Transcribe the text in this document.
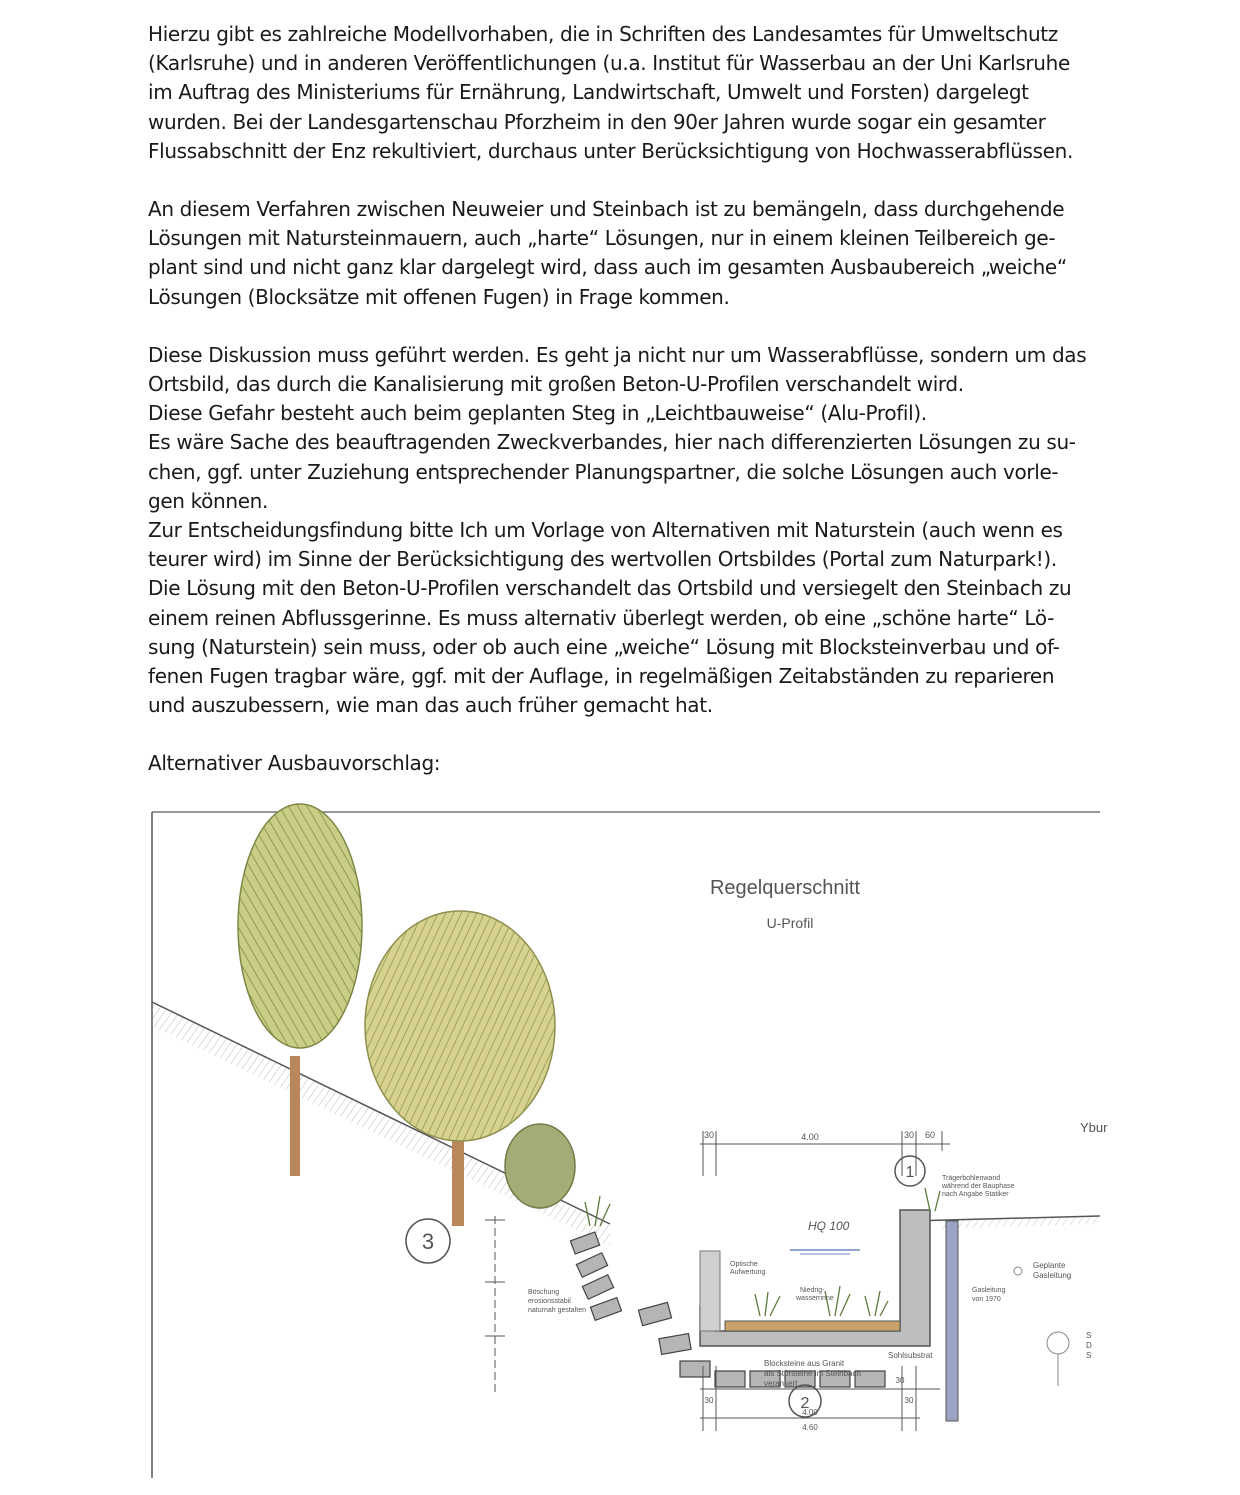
Hierzu gibt es zahlreiche Modellvorhaben, die in Schriften des Landesamtes für Umweltschutz
(Karlsruhe) und in anderen Veröffentlichungen (u.a. Institut für Wasserbau an der Uni Karlsruhe
im Auftrag des Ministeriums für Ernährung, Landwirtschaft, Umwelt und Forsten) dargelegt
wurden. Bei der Landesgartenschau Pforzheim in den 90er Jahren wurde sogar ein gesamter
Flussabschnitt der Enz rekultiviert, durchaus unter Berücksichtigung von Hochwasserabflüssen.

An diesem Verfahren zwischen Neuweier und Steinbach ist zu bemängeln, dass durchgehende
Lösungen mit Natursteinmauern, auch „harte“ Lösungen, nur in einem kleinen Teilbereich ge-
plant sind und nicht ganz klar dargelegt wird, dass auch im gesamten Ausbaubereich „weiche“
Lösungen (Blocksätze mit offenen Fugen) in Frage kommen.

Diese Diskussion muss geführt werden. Es geht ja nicht nur um Wasserabflüsse, sondern um das
Ortsbild, das durch die Kanalisierung mit großen Beton-U-Profilen verschandelt wird.
Diese Gefahr besteht auch beim geplanten Steg in „Leichtbauweise“ (Alu-Profil).
Es wäre Sache des beauftragenden Zweckverbandes, hier nach differenzierten Lösungen zu su-
chen, ggf. unter Zuziehung entsprechender Planungspartner, die solche Lösungen auch vorle-
gen können.
Zur Entscheidungsfindung bitte Ich um Vorlage von Alternativen mit Naturstein (auch wenn es
teurer wird) im Sinne der Berücksichtigung des wertvollen Ortsbildes (Portal zum Naturpark!).
Die Lösung mit den Beton-U-Profilen verschandelt das Ortsbild und versiegelt den Steinbach zu
einem reinen Abflussgerinne. Es muss alternativ überlegt werden, ob eine „schöne harte“ Lö-
sung (Naturstein) sein muss, oder ob auch eine „weiche“ Lösung mit Blocksteinverbau und of-
fenen Fugen tragbar wäre, ggf. mit der Auflage, in regelmäßigen Zeitabständen zu reparieren
und auszubessern, wie man das auch früher gemacht hat.

Alternativer Ausbauvorschlag:

Regelquerschnitt
U-Profil
3
30	4.00	30 60	Ybur
1	Trägerbohlenwand
während der Bauphase
nach Angabe Statiker
HQ 100
Optische
Aufwertung
Niedrig-
wasserrinne
Böschung
erosionsstabil
naturnah gestalten
Blocksteine aus Granit
als Störsteine im Steinbach
verankert
Sohlsubstrat
2
30
4.00
30
30
4.60
Geplante
Gasleitung
Gasleitung
von 1970
S
D
S
